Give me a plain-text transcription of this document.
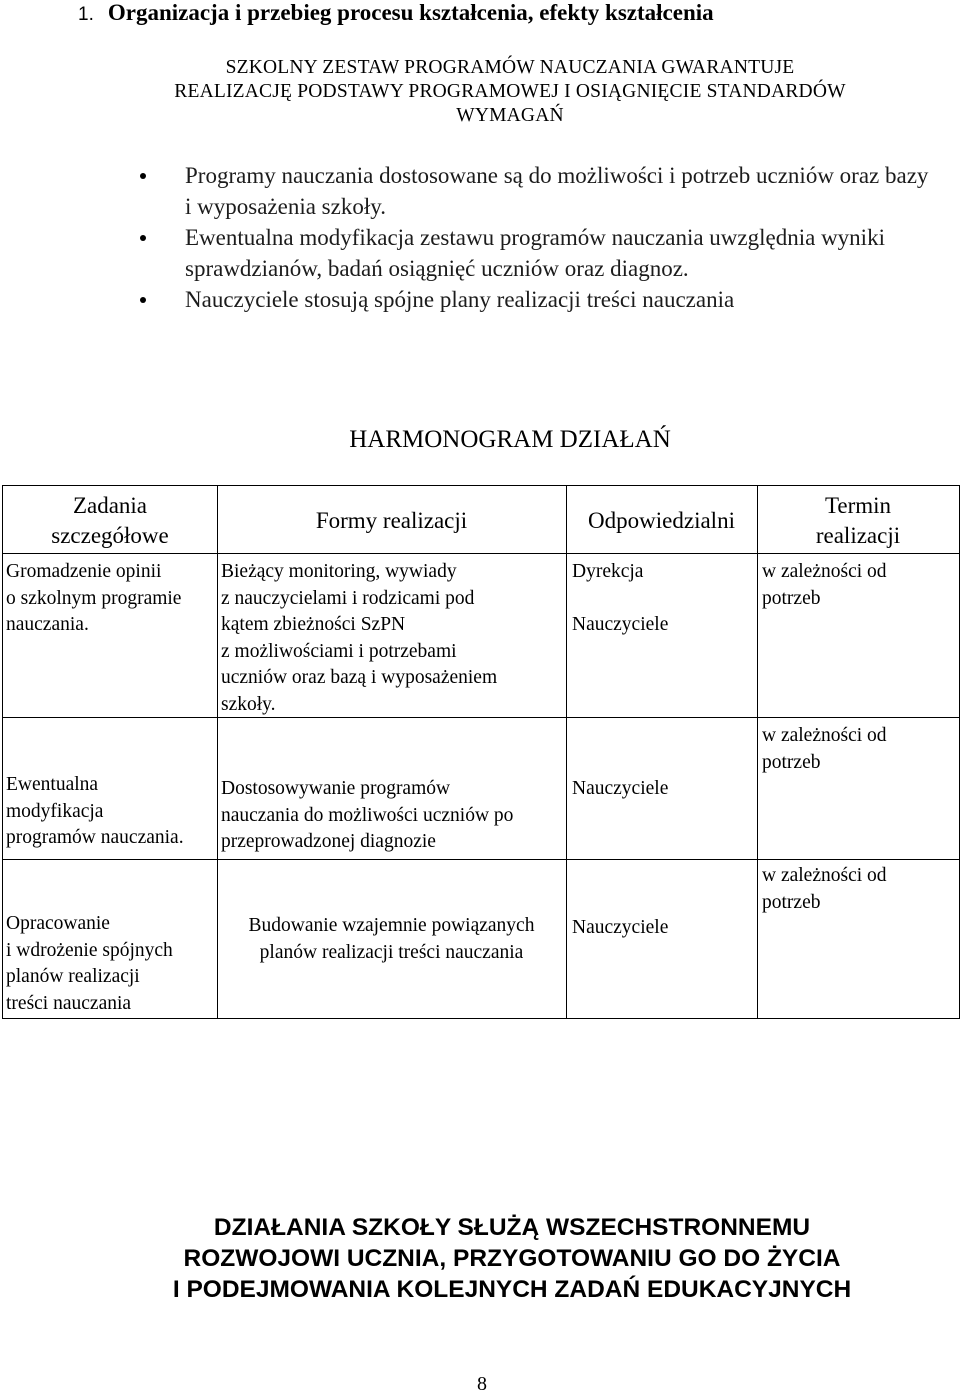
1. Organizacja i przebieg procesu kształcenia, efekty kształcenia
SZKOLNY ZESTAW PROGRAMÓW NAUCZANIA GWARANTUJE
REALIZACJĘ PODSTAWY PROGRAMOWEJ I OSIĄGNIĘCIE STANDARDÓW
WYMAGAŃ
Programy nauczania dostosowane są do możliwości i potrzeb uczniów oraz bazy i wyposażenia szkoły.
Ewentualna modyfikacja zestawu programów nauczania uwzględnia wyniki sprawdzianów, badań osiągnięć uczniów oraz diagnoz.
Nauczyciele stosują spójne plany realizacji treści nauczania
HARMONOGRAM DZIAŁAŃ
Zadania
szczegółowe
Formy realizacji	Odpowiedzialni
Termin
realizacji
Gromadzenie opinii
o szkolnym programie
nauczania.
Bieżący monitoring, wywiady
z nauczycielami i rodzicami pod
kątem zbieżności SzPN
z możliwościami i potrzebami
uczniów oraz bazą i wyposażeniem
szkoły.
Dyrekcja
Nauczyciele
w zależności od
potrzeb
Ewentualna
modyfikacja
programów nauczania.
Dostosowywanie programów
nauczania do możliwości uczniów po
przeprowadzonej diagnozie
Nauczyciele
w zależności od
potrzeb
Opracowanie
i wdrożenie spójnych
planów realizacji
treści nauczania
Budowanie wzajemnie powiązanych
planów realizacji treści nauczania
Nauczyciele
w zależności od
potrzeb
DZIAŁANIA SZKOŁY SŁUŻĄ WSZECHSTRONNEMU
ROZWOJOWI UCZNIA, PRZYGOTOWANIU GO DO ŻYCIA
I PODEJMOWANIA KOLEJNYCH ZADAŃ EDUKACYJNYCH
8
